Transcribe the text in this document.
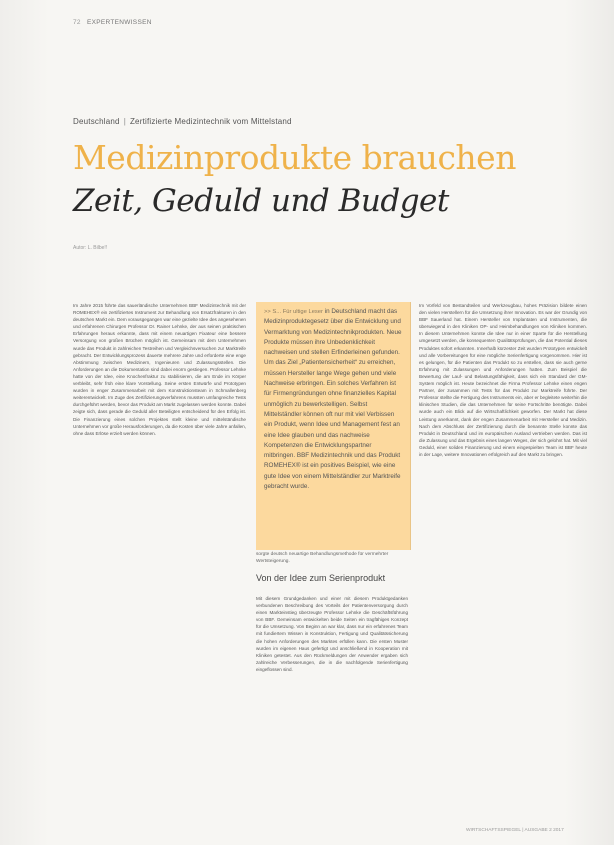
72 EXPERTENWISSEN
Deutschland | Zertifizierte Medizintechnik vom Mittelstand
Medizinprodukte brauchen
Zeit, Geduld und Budget
Autor: L. Bilbe!!

Im Jahre 2015 führte das sauerländische Unternehmen BBF Medizintechnik mit der ROMEHEX® ein zertifiziertes Instrument zur Behandlung von Ersatzfrakturen in den deutschen Markt ein. Dem vorausgegangen war eine gezielte Idee des angesehenen und erfahrenen Chirurgen Professor Dr. Rainer Lehnke, der aus seinen praktischen Erfahrungen heraus erkannte, dass mit einem neuartigen Fixateur eine bessere Versorgung von großen Brüchen möglich ist. Gemeinsam mit dem Unternehmen wurde das Produkt in zahlreichen Testreihen und Vergleichsversuchen zur Marktreife gebracht. Der Entwicklungsprozess dauerte mehrere Jahre und erforderte eine enge Abstimmung zwischen Medizinern, Ingenieuren und Zulassungsstellen. Die Anforderungen an die Dokumentation sind dabei enorm gestiegen. Professor Lehnke hatte von der Idee, eine Knochenfraktur zu stabilisieren, die am Ende im Körper verbleibt, sehr früh eine klare Vorstellung. Seine ersten Entwürfe und Prototypen wurden in enger Zusammenarbeit mit dem Konstruktionsteam in Schmallenberg weiterentwickelt. Im Zuge des Zertifizierungsverfahrens mussten umfangreiche Tests durchgeführt werden, bevor das Produkt am Markt zugelassen werden konnte. Dabei zeigte sich, dass gerade die Geduld aller Beteiligten entscheidend für den Erfolg ist. Die Finanzierung eines solchen Projektes stellt kleine und mittelständische Unternehmen vor große Herausforderungen, da die Kosten über viele Jahre anfallen, ohne dass Erlöse erzielt werden können.

>> S... Für ultige Leser in Deutschland macht das Medizinproduktegesetz über die Entwicklung und Vermarktung von Medizintechnikprodukten. Neue Produkte müssen ihre Unbedenklichkeit nachweisen und stellen Erfinderleinen gefunden. Um das Ziel „Patientensicherheit“ zu erreichen, müssen Hersteller lange Wege gehen und viele Nachweise erbringen. Ein solches Verfahren ist für Firmengründungen ohne finanzielles Kapital unmöglich zu bewerkstelligen. Selbst Mittelständler können oft nur mit viel Verbissen ein Produkt, wenn Idee und Management fest an eine Idee glauben und das nachweise Kompetenzen die Entwicklungspartner mitbringen. BBF Medizintechnik und das Produkt ROMEHEX® ist ein positives Beispiel, wie eine gute Idee von einem Mittelständler zur Marktreife gebracht wurde.
sorgte deutsch neuartige Behandlungsmethode für vermehrter Wertsteigerung.
Von der Idee zum Serienprodukt

Mit diesem Grundgedanken und einer mit diesem Produktgedanken verbundenen Beschreibung des Vorteils der Patientenversorgung durch einen Markteinstieg überzeugte Professor Lehnke die Geschäftsführung von BBF. Gemeinsam entwickelten beide Seiten ein tragfähiges Konzept für die Umsetzung. Von Beginn an war klar, dass nur ein erfahrenes Team mit fundiertem Wissen in Konstruktion, Fertigung und Qualitätssicherung die hohen Anforderungen des Marktes erfüllen kann. Die ersten Muster wurden im eigenen Haus gefertigt und anschließend in Kooperation mit Kliniken getestet. Aus den Rückmeldungen der Anwender ergaben sich zahlreiche Verbesserungen, die in die nachfolgende Serienfertigung eingeflossen sind.

Im Vorfeld von Bestandteilen und Werkzeugbau, hohes Präzision bildete einen den vielen Herstellern für die Umsetzung ihrer Innovation. Es war der Grundig von BBF Sauerland hat. Einem Hersteller von Implantaten und Instrumenten, die überwiegend in den Kliniken OP- und Heimbehandlungen von Kliniken kommen. In diesem Unternehmen konnte die Idee nur in einer Sparte für die Herstellung umgesetzt werden, die konsequenten Qualitätsprüfungen, die das Potential dieses Produktes sofort erkannten. Innerhalb kürzester Zeit wurden Prototypen entwickelt und alle Vorbereitungen für eine mögliche Serienfertigung vorgenommen. Hier ist es gelungen, für die Patienten das Produkt so zu erstellen, dass sie auch gerne Erfahrung mit Zulassungen und Anforderungen hatten. Zum Beispiel die Bewertung der Lauf- und Belastungsfähigkeit, dass sich ein Standard der GM-System möglich ist. Heute bezeichnet die Firma Professor Lehnke einen engen Partner, der zusammen mit Tests für das Produkt zur Marktreife führte. Der Professor stellte die Fertigung des Instruments ein, aber er begleitete weiterhin die klinischen Studien, die das Unternehmen für seine Fortschritte benötigte. Dabei wurde auch ein Blick auf die Wirtschaftlichkeit geworfen. Der Markt hat diese Leistung anerkannt, dank der engen Zusammenarbeit mit Hersteller und Medizin. Nach dem Abschluss der Zertifizierung durch die benannte Stelle konnte das Produkt in Deutschland und im europäischen Ausland vertrieben werden. Das ist die Zulassung und das Ergebnis eines langen Weges, der sich gelohnt hat. Mit viel Geduld, einer soliden Finanzierung und einem eingespielten Team ist BBF heute in der Lage, weitere Innovationen erfolgreich auf den Markt zu bringen.

WIRTSCHAFTSSPIEGEL | AUSGABE 2 2017
